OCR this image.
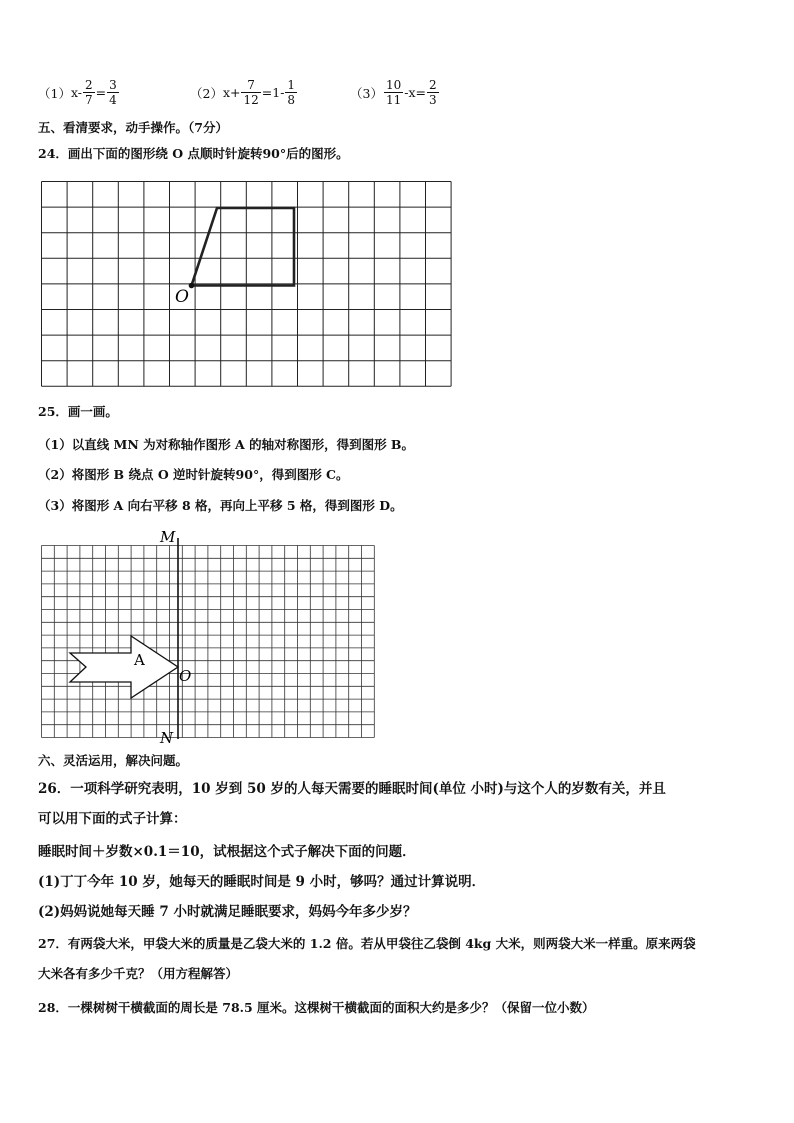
（1） $x- \frac{2}{7} = \frac{3}{4}$	（2） $x+ \frac{7}{12} =1- \frac{1}{8}$	$(3) \frac{10}{11} -x= \frac{2}{3}$
五、看清要求，动手操作。（7分）
24．画出下面的图形绕 O 点顺时针旋转90°后的图形。
O
25．画一画。
（1）以直线 MN 为对称轴作图形 A 的轴对称图形，得到图形 B。
（2）将图形 B 绕点 O 逆时针旋转90°，得到图形 C。
（3）将图形 A 向右平移 8 格，再向上平移 5 格，得到图形 D。
M
N
O
A
六、灵活运用，解决问题。
26．一项科学研究表明，10 岁到 50 岁的人每天需要的睡眠时间(单位 小时)与这个人的岁数有关，并且
可以用下面的式子计算：
睡眠时间＋岁数×0.1＝10，试根据这个式子解决下面的问题．
(1)丁丁今年 10 岁，她每天的睡眠时间是 9 小时，够吗？通过计算说明．
(2)妈妈说她每天睡 7 小时就满足睡眠要求，妈妈今年多少岁？
27．有两袋大米，甲袋大米的质量是乙袋大米的 1.2 倍。若从甲袋往乙袋倒 4kg 大米，则两袋大米一样重。原来两袋
大米各有多少千克？（用方程解答）
28．一棵树树干横截面的周长是 78.5 厘米。这棵树干横截面的面积大约是多少？（保留一位小数）
